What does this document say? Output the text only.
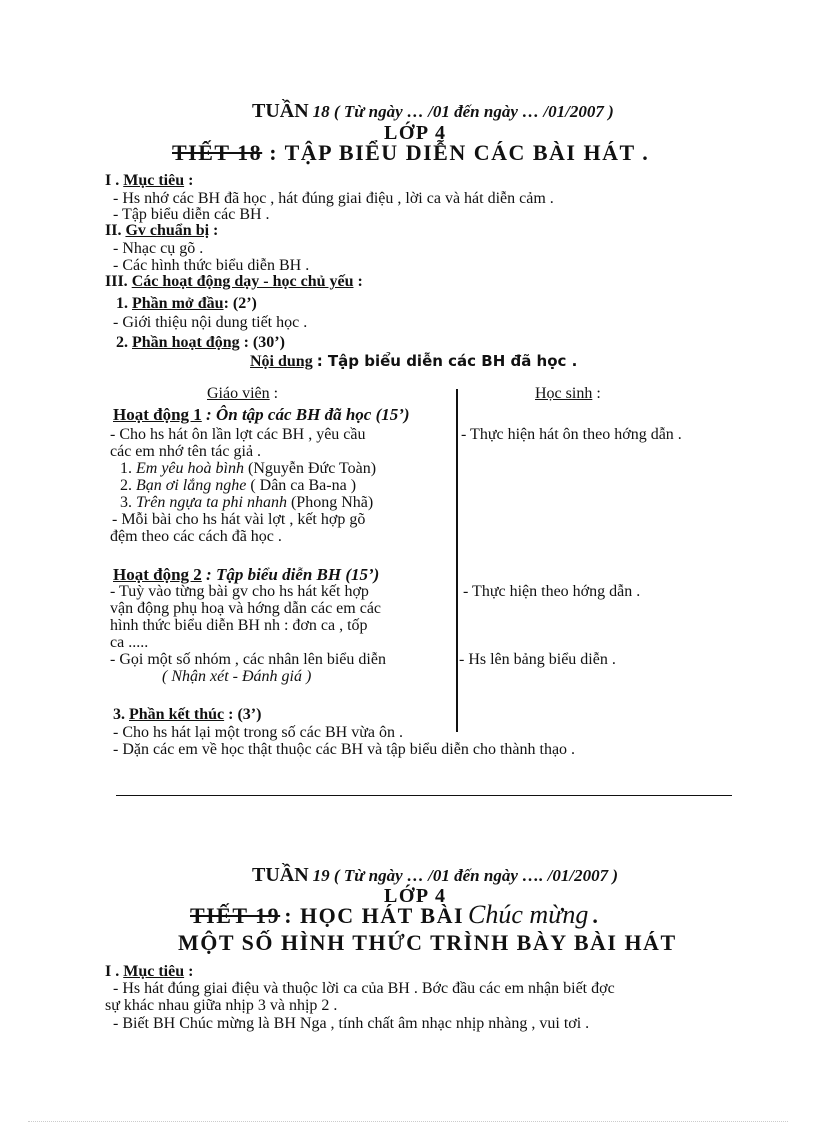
TUẦN 18 ( Từ ngày … /01 đến ngày … /01/2007 )
LỚP 4
TIẾT 18 : TẬP BIỂU DIỄN CÁC BÀI HÁT .
I . Mục tiêu :
- Hs nhớ các BH đã học , hát đúng giai điệu , lời ca và hát diễn cảm .
- Tập biểu diễn các BH .
II. Gv chuẩn bị :
- Nhạc cụ gõ .
- Các hình thức biểu diễn BH .
III. Các hoạt động dạy - học chủ yếu :
1. Phần mở đầu: (2’)
- Giới thiệu nội dung tiết học .
2. Phần hoạt động : (30’)
Nội dung : Tập biểu diễn các BH đã học .
Giáo viên :	Học sinh :
Hoạt động 1 : Ôn tập các BH đã học (15’)
- Cho hs hát ôn lần lợt các BH , yêu cầu
các em nhớ tên tác giả .
1. Em yêu hoà bình (Nguyễn Đức Toàn)
2. Bạn ơi lắng nghe ( Dân ca Ba-na )
3. Trên ngựa ta phi nhanh (Phong Nhã)
- Mỗi bài cho hs hát vài lợt , kết hợp gõ
đệm theo các cách đã học .
- Thực hiện hát ôn theo hớng dẫn .
Hoạt động 2 : Tập biểu diễn BH (15’)
- Tuỳ vào từng bài gv cho hs hát kết hợp
vận động phụ hoạ và hớng dẫn các em các
hình thức biểu diễn BH nh : đơn ca , tốp
ca .....
- Gọi một số nhóm , các nhân lên biểu diễn
( Nhận xét - Đánh giá )
- Thực hiện theo hớng dẫn .
- Hs lên bảng biểu diễn .
3. Phần kết thúc : (3’)
- Cho hs hát lại một trong số các BH vừa ôn .
- Dặn các em về học thật thuộc các BH và tập biểu diễn cho thành thạo .
TUẦN 19 ( Từ ngày … /01 đến ngày …. /01/2007 )
LỚP 4
TIẾT 19 : HỌC HÁT BÀI Chúc mừng .
MỘT SỐ HÌNH THỨC TRÌNH BÀY BÀI HÁT
I . Mục tiêu :
- Hs hát đúng giai điệu và thuộc lời ca của BH . Bớc đầu các em nhận biết đợc
sự khác nhau giữa nhịp 3 và nhịp 2 .
- Biết BH Chúc mừng là BH Nga , tính chất âm nhạc nhịp nhàng , vui tơi .
